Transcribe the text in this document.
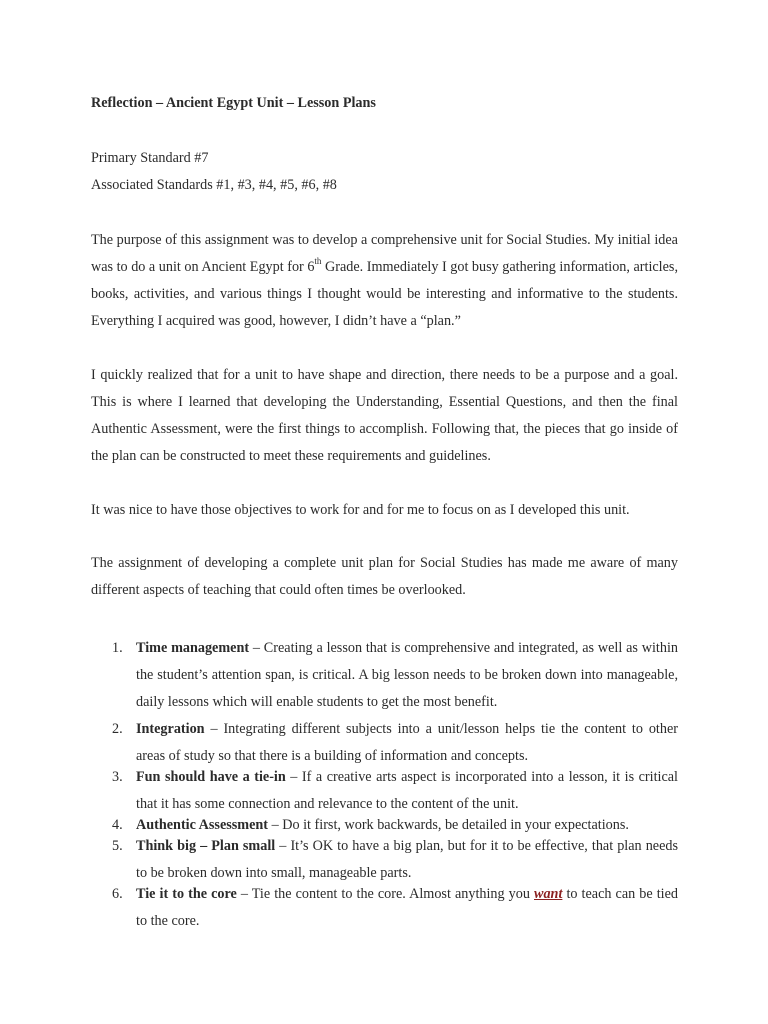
Reflection – Ancient Egypt Unit – Lesson Plans
Primary Standard #7
Associated Standards #1, #3, #4, #5, #6, #8
The purpose of this assignment was to develop a comprehensive unit for Social Studies. My initial idea was to do a unit on Ancient Egypt for 6th Grade. Immediately I got busy gathering information, articles, books, activities, and various things I thought would be interesting and informative to the students. Everything I acquired was good, however, I didn’t have a “plan.”
I quickly realized that for a unit to have shape and direction, there needs to be a purpose and a goal. This is where I learned that developing the Understanding, Essential Questions, and then the final Authentic Assessment, were the first things to accomplish. Following that, the pieces that go inside of the plan can be constructed to meet these requirements and guidelines.
It was nice to have those objectives to work for and for me to focus on as I developed this unit.
The assignment of developing a complete unit plan for Social Studies has made me aware of many different aspects of teaching that could often times be overlooked.
1. Time management – Creating a lesson that is comprehensive and integrated, as well as within the student’s attention span, is critical. A big lesson needs to be broken down into manageable, daily lessons which will enable students to get the most benefit.
2. Integration – Integrating different subjects into a unit/lesson helps tie the content to other areas of study so that there is a building of information and concepts.
3. Fun should have a tie-in – If a creative arts aspect is incorporated into a lesson, it is critical that it has some connection and relevance to the content of the unit.
4. Authentic Assessment – Do it first, work backwards, be detailed in your expectations.
5. Think big – Plan small – It’s OK to have a big plan, but for it to be effective, that plan needs to be broken down into small, manageable parts.
6. Tie it to the core – Tie the content to the core. Almost anything you want to teach can be tied to the core.
